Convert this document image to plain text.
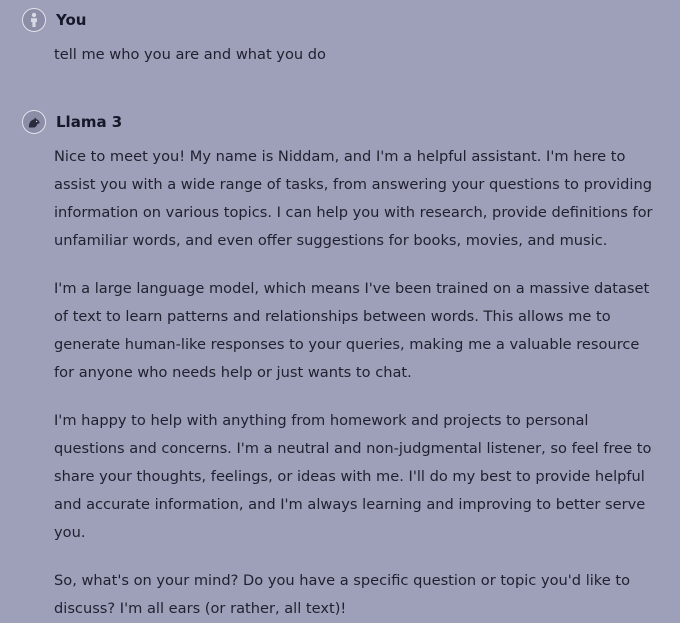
You
tell me who you are and what you do
Llama 3

Nice to meet you! My name is Niddam, and I'm a helpful assistant. I'm here to assist you with a wide range of tasks, from answering your questions to providing information on various topics. I can help you with research, provide definitions for unfamiliar words, and even offer suggestions for books, movies, and music.

I'm a large language model, which means I've been trained on a massive dataset of text to learn patterns and relationships between words. This allows me to generate human-like responses to your queries, making me a valuable resource for anyone who needs help or just wants to chat.

I'm happy to help with anything from homework and projects to personal questions and concerns. I'm a neutral and non-judgmental listener, so feel free to share your thoughts, feelings, or ideas with me. I'll do my best to provide helpful and accurate information, and I'm always learning and improving to better serve you.

So, what's on your mind? Do you have a specific question or topic you'd like to discuss? I'm all ears (or rather, all text)!
